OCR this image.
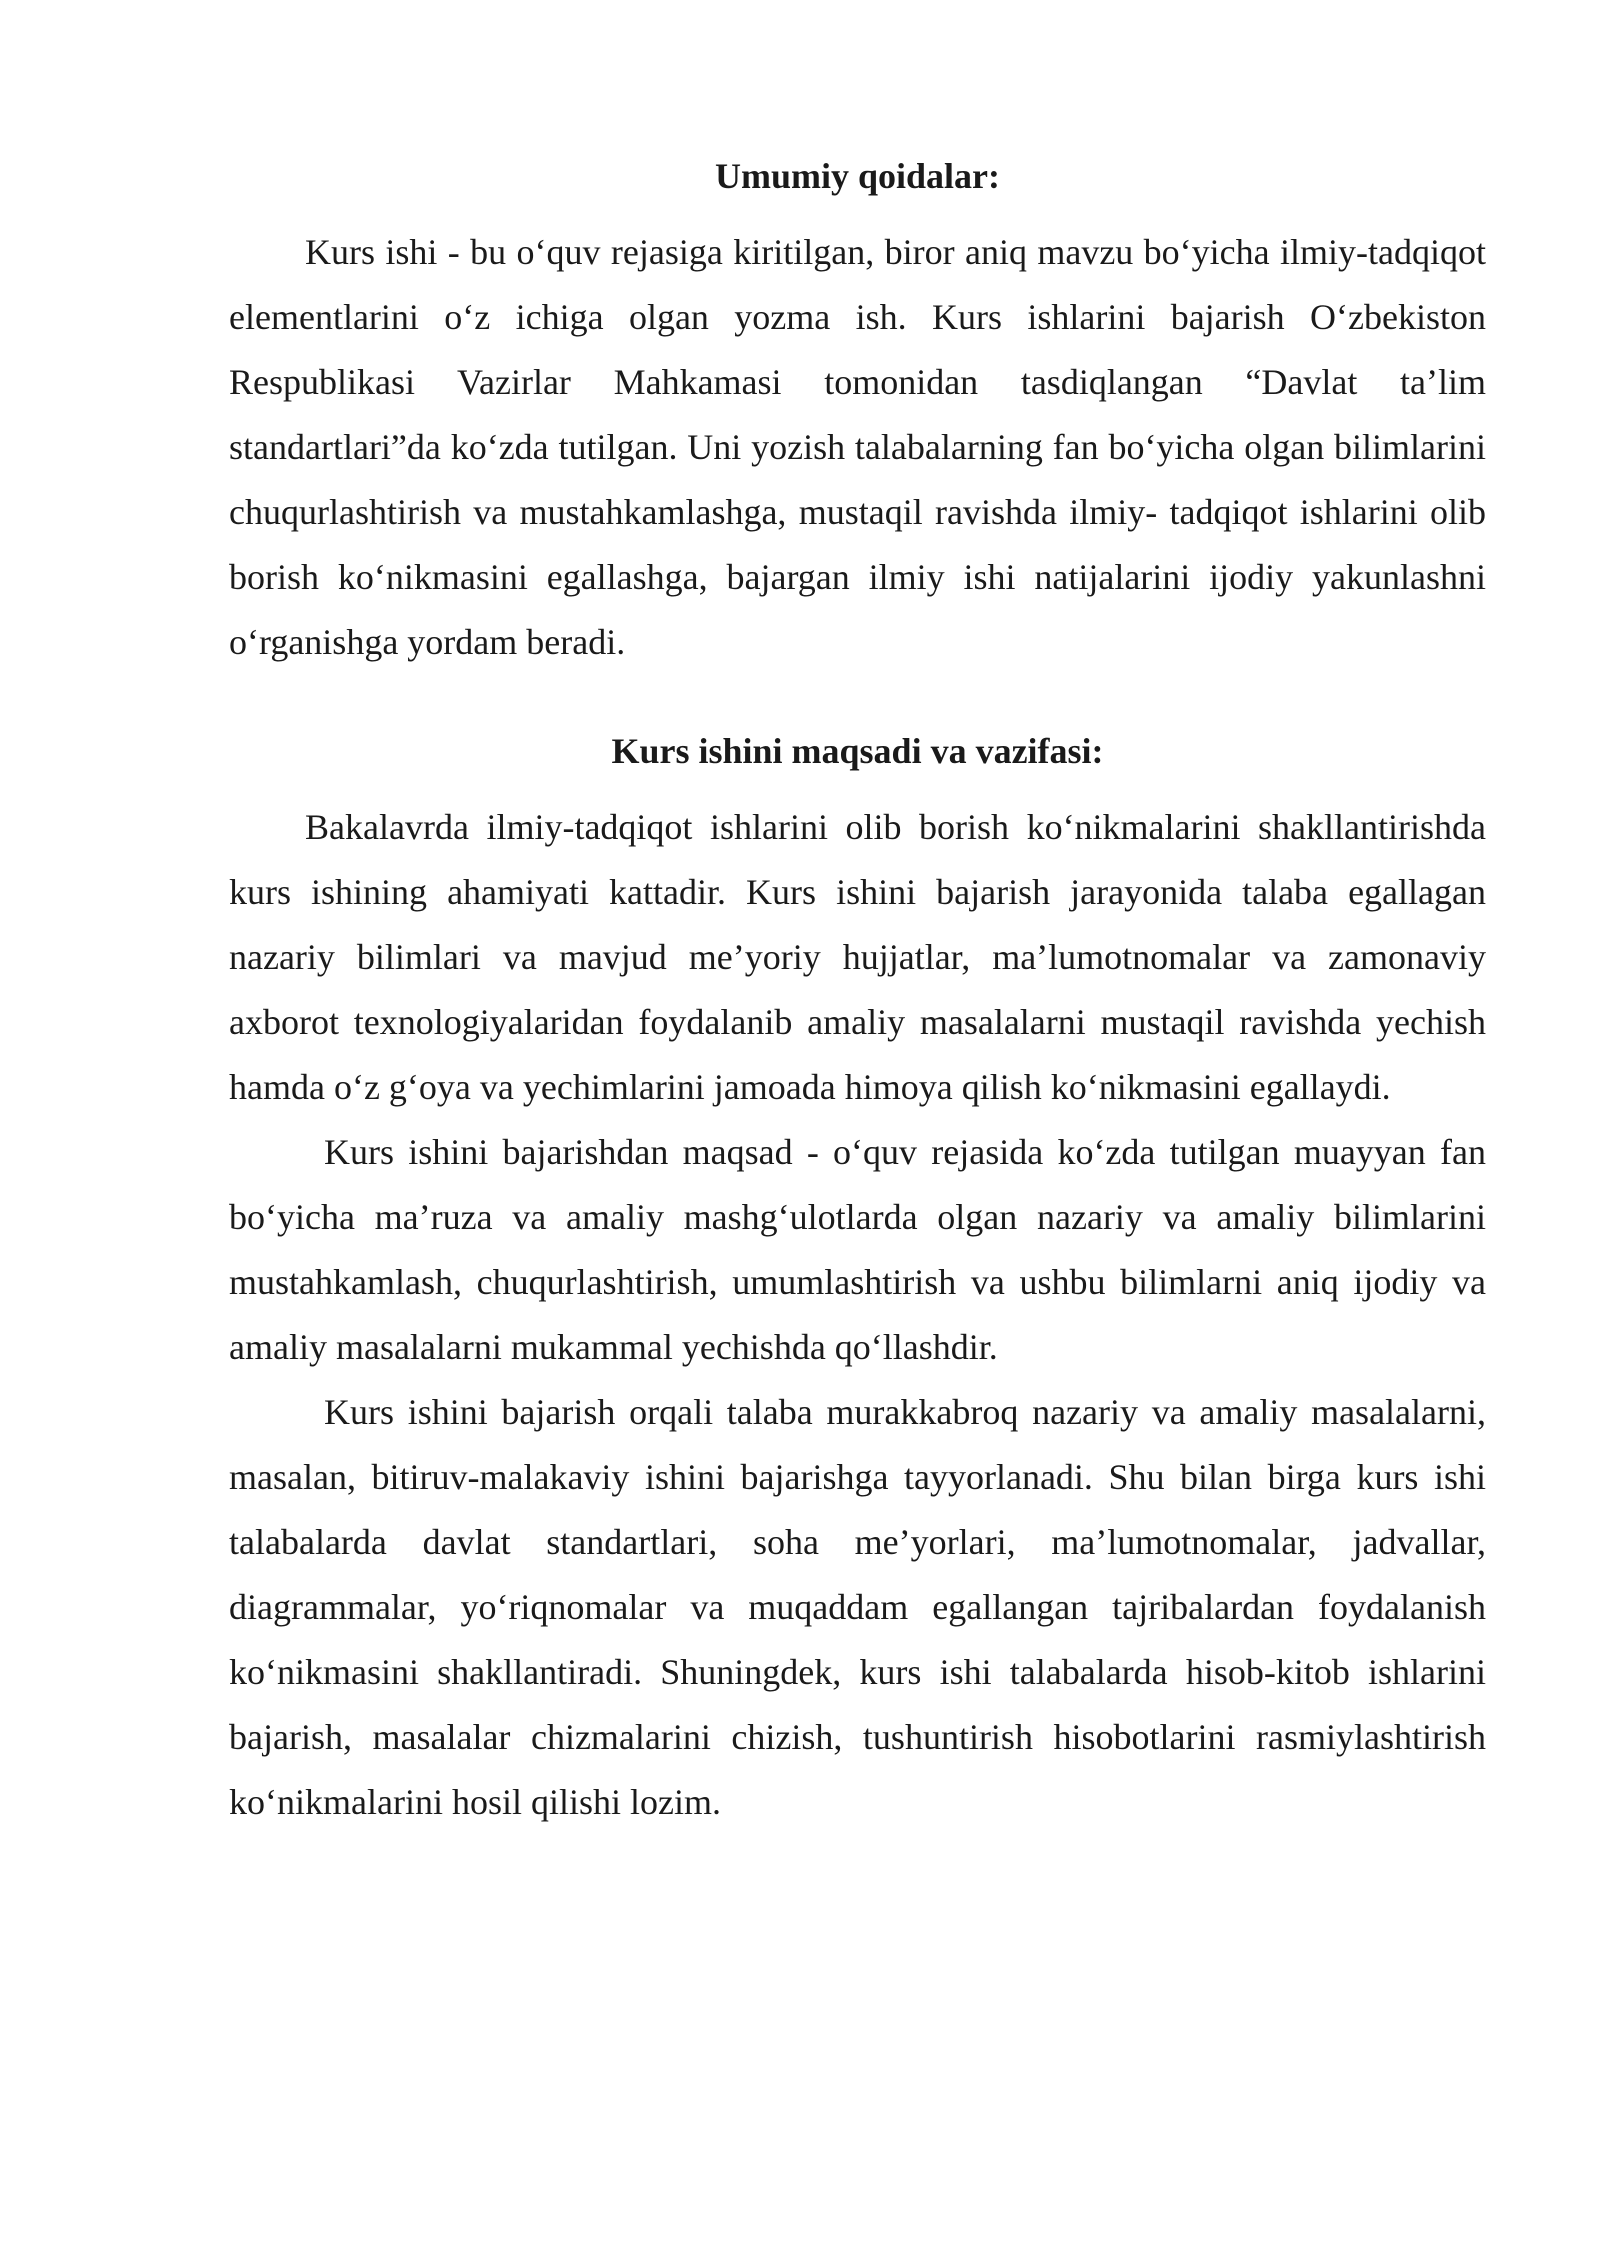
Umumiy qoidalar:

Kurs ishi - bu o‘quv rejasiga kiritilgan, biror aniq mavzu bo‘yicha ilmiy-tadqiqot elementlarini o‘z ichiga olgan yozma ish. Kurs ishlarini bajarish O‘zbekiston Respublikasi Vazirlar Mahkamasi tomonidan tasdiqlangan “Davlat ta’lim standartlari”da ko‘zda tutilgan. Uni yozish talabalarning fan bo‘yicha olgan bilimlarini chuqurlashtirish va mustahkamlashga, mustaqil ravishda ilmiy- tadqiqot ishlarini olib borish ko‘nikmasini egallashga, bajargan ilmiy ishi natijalarini ijodiy yakunlashni o‘rganishga yordam beradi.

Kurs ishini maqsadi va vazifasi:

Bakalavrda ilmiy-tadqiqot ishlarini olib borish ko‘nikmalarini shakllantirishda kurs ishining ahamiyati kattadir. Kurs ishini bajarish jarayonida talaba egallagan nazariy bilimlari va mavjud me’yoriy hujjatlar, ma’lumotnomalar va zamonaviy axborot texnologiyalaridan foydalanib amaliy masalalarni mustaqil ravishda yechish hamda o‘z g‘oya va yechimlarini jamoada himoya qilish ko‘nikmasini egallaydi.

Kurs ishini bajarishdan maqsad - o‘quv rejasida ko‘zda tutilgan muayyan fan bo‘yicha ma’ruza va amaliy mashg‘ulotlarda olgan nazariy va amaliy bilimlarini mustahkamlash, chuqurlashtirish, umumlashtirish va ushbu bilimlarni aniq ijodiy va amaliy masalalarni mukammal yechishda qo‘llashdir.

Kurs ishini bajarish orqali talaba murakkabroq nazariy va amaliy masalalarni, masalan, bitiruv-malakaviy ishini bajarishga tayyorlanadi. Shu bilan birga kurs ishi talabalarda davlat standartlari, soha me’yorlari, ma’lumotnomalar, jadvallar, diagrammalar, yo‘riqnomalar va muqaddam egallangan tajribalardan foydalanish ko‘nikmasini shakllantiradi. Shuningdek, kurs ishi talabalarda hisob-kitob ishlarini bajarish, masalalar chizmalarini chizish, tushuntirish hisobotlarini rasmiylashtirish ko‘nikmalarini hosil qilishi lozim.
